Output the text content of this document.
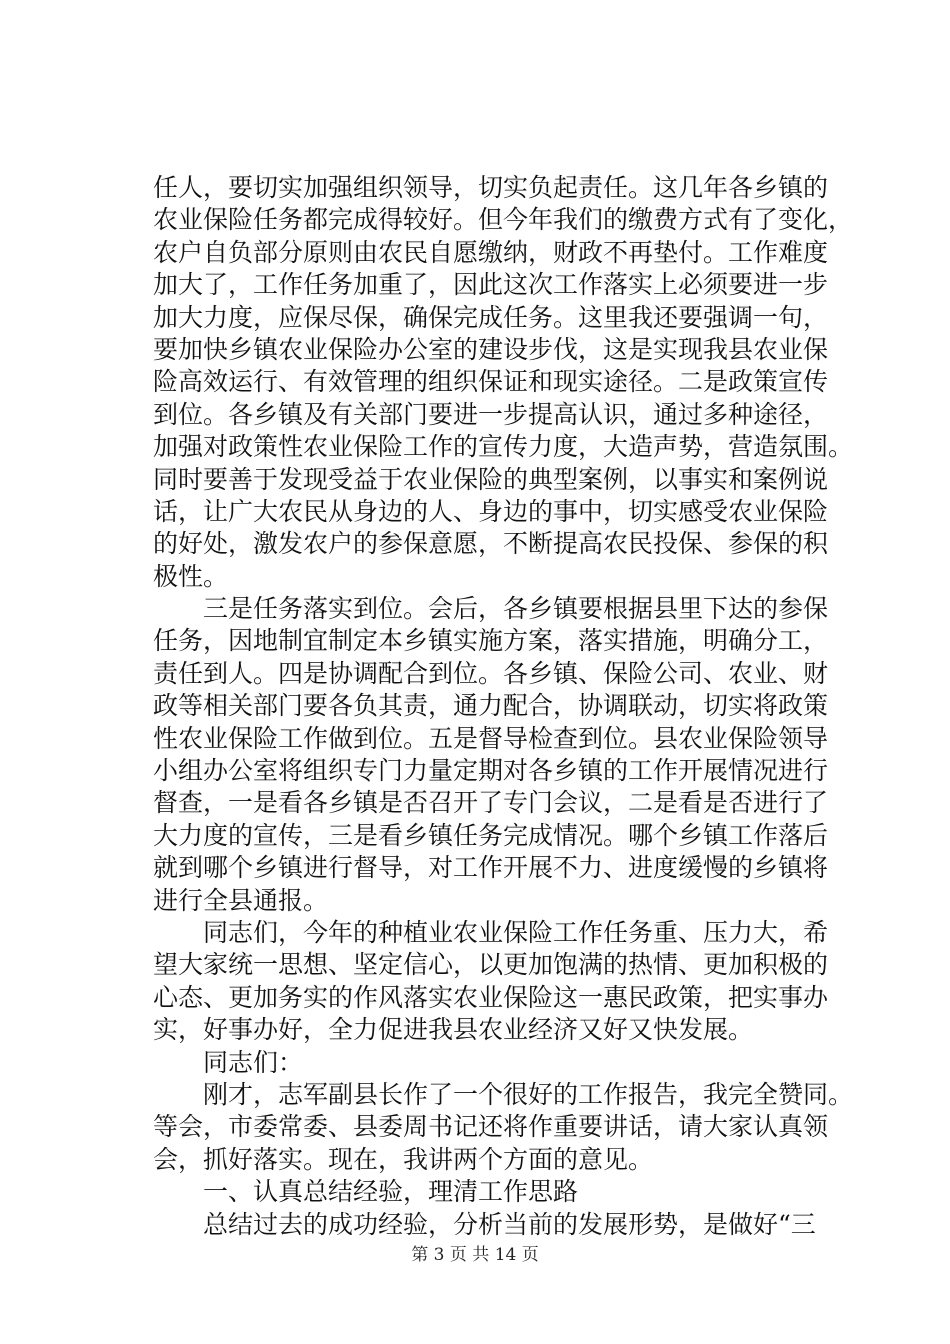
任人，要切实加强组织领导，切实负起责任。这几年各乡镇的
农业保险任务都完成得较好。但今年我们的缴费方式有了变化，
农户自负部分原则由农民自愿缴纳，财政不再垫付。工作难度
加大了，工作任务加重了，因此这次工作落实上必须要进一步
加大力度，应保尽保，确保完成任务。这里我还要强调一句，
要加快乡镇农业保险办公室的建设步伐，这是实现我县农业保
险高效运行、有效管理的组织保证和现实途径。二是政策宣传
到位。各乡镇及有关部门要进一步提高认识，通过多种途径，
加强对政策性农业保险工作的宣传力度，大造声势，营造氛围。
同时要善于发现受益于农业保险的典型案例，以事实和案例说
话，让广大农民从身边的人、身边的事中，切实感受农业保险
的好处，激发农户的参保意愿，不断提高农民投保、参保的积
极性。
　　三是任务落实到位。会后，各乡镇要根据县里下达的参保
任务，因地制宜制定本乡镇实施方案，落实措施，明确分工，
责任到人。四是协调配合到位。各乡镇、保险公司、农业、财
政等相关部门要各负其责，通力配合，协调联动，切实将政策
性农业保险工作做到位。五是督导检查到位。县农业保险领导
小组办公室将组织专门力量定期对各乡镇的工作开展情况进行
督查，一是看各乡镇是否召开了专门会议，二是看是否进行了
大力度的宣传，三是看乡镇任务完成情况。哪个乡镇工作落后
就到哪个乡镇进行督导，对工作开展不力、进度缓慢的乡镇将
进行全县通报。
　　同志们，今年的种植业农业保险工作任务重、压力大，希
望大家统一思想、坚定信心，以更加饱满的热情、更加积极的
心态、更加务实的作风落实农业保险这一惠民政策，把实事办
实，好事办好，全力促进我县农业经济又好又快发展。
　　同志们：
　　刚才，志军副县长作了一个很好的工作报告，我完全赞同。
等会，市委常委、县委周书记还将作重要讲话，请大家认真领
会，抓好落实。现在，我讲两个方面的意见。
　　一、认真总结经验，理清工作思路
　　总结过去的成功经验，分析当前的发展形势，是做好“三
第 3 页 共 14 页
